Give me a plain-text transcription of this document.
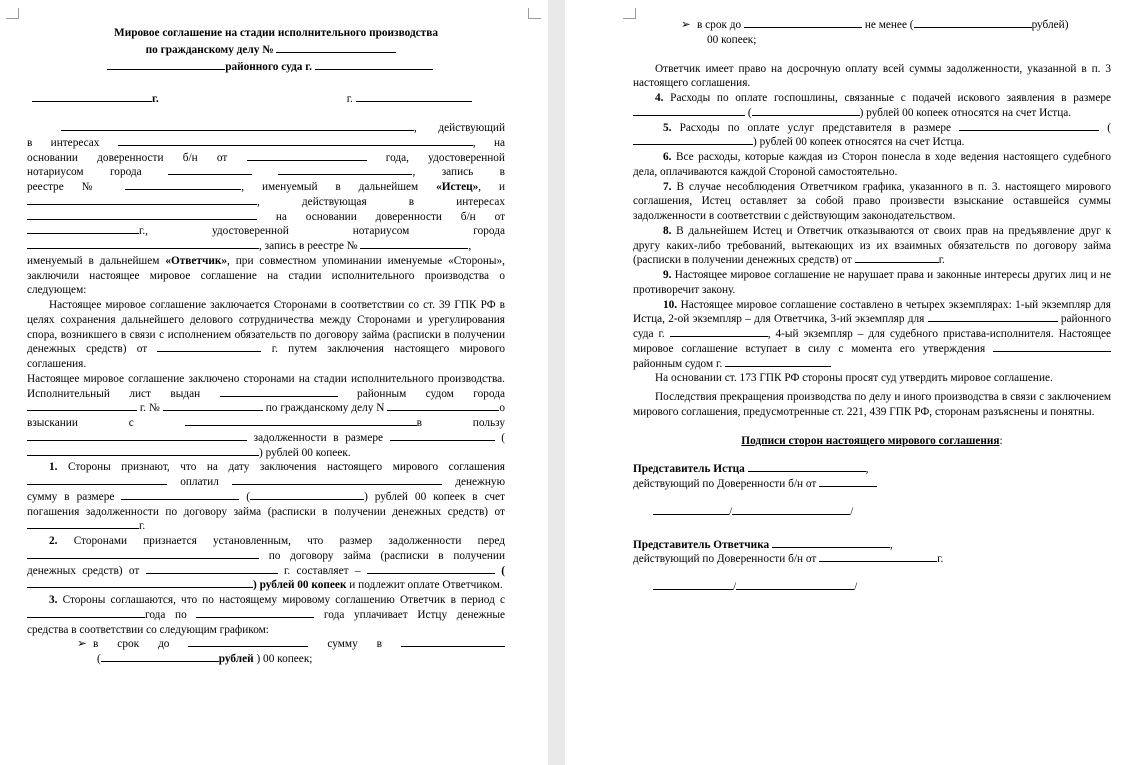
Мировое соглашение на стадии исполнительного производства

по гражданскому делу №

районного суда г.

г.	г.

, действующий

в интересах	, на

основании доверенности б/н от	года, удостоверенной

нотариусом города	, запись в

реестре №	, именуемый в дальнейшем «Истец», и

, действующая в интересах

на основании доверенности б/н от

г., удостоверенной нотариусом города

, запись в реестре №	,

именуемый в дальнейшем «Ответчик», при совместном упоминании именуемые «Стороны», заключили настоящее мировое соглашение на стадии исполнительного производства о следующем:

Настоящее мировое соглашение заключается Сторонами в соответствии со ст. 39 ГПК РФ в целях сохранения дальнейшего делового сотрудничества между Сторонами и урегулирования спора, возникшего в связи с исполнением обязательств по договору займа (расписки в получении денежных средств) от	г. путем заключения настоящего мирового соглашения.

Настоящее мировое соглашение заключено сторонами на стадии исполнительного производства. Исполнительный лист выдан	районным судом города  г. №	по гражданскому делу N	о взыскании с	в пользу  задолженности в размере	() рублей 00 копеек.

1. Стороны признают, что на дату заключения настоящего мирового соглашения  оплатил	денежную сумму в размере	(	) рублей 00 копеек в счет погашения задолженности по договору займа (расписки в получении денежных средств) от г.

2. Сторонами признается установленным, что размер задолженности перед  по договору займа (расписки в получении денежных средств) от	г. составляет –	() рублей 00 копеек и подлежит оплате Ответчиком.

3. Стороны соглашаются, что по настоящему мировому соглашению Ответчик в период с года по	года уплачивает Истцу денежные средства в соответствии со следующим графиком:

➢ в срок до	сумму в

(	рублей ) 00 копеек;

➢ в срок до	не менее (	рублей)

00 копеек;

Ответчик имеет право на досрочную оплату всей суммы задолженности, указанной в п. 3 настоящего соглашения.

4. Расходы по оплате госпошлины, связанные с подачей искового заявления в размере  (	) рублей 00 копеек относятся на счет Истца.

5. Расходы по оплате услуг представителя в размере	() рублей 00 копеек относятся на счет Истца.

6. Все расходы, которые каждая из Сторон понесла в ходе ведения настоящего судебного дела, оплачиваются каждой Стороной самостоятельно.

7. В случае несоблюдения Ответчиком графика, указанного в п. 3. настоящего мирового соглашения, Истец оставляет за собой право произвести взыскание оставшейся суммы задолженности в соответствии с действующим законодательством.

8. В дальнейшем Истец и Ответчик отказываются от своих прав на предъявление друг к другу каких-либо требований, вытекающих из их взаимных обязательств по договору займа (расписки в получении денежных средств) от	г.

9. Настоящее мировое соглашение не нарушает права и законные интересы других лиц и не противоречит закону.

10. Настоящее мировое соглашение составлено в четырех экземплярах: 1-ый экземпляр для Истца, 2-ой экземпляр – для Ответчика, 3-ий экземпляр для	районного суда г.	, 4-ый экземпляр – для судебного пристава-исполнителя. Настоящее мировое соглашение вступает в силу с момента его утверждения  районным судом г.

На основании ст. 173 ГПК РФ стороны просят суд утвердить мировое соглашение.

Последствия прекращения производства по делу и иного производства в связи с заключением мирового соглашения, предусмотренные ст. 221, 439 ГПК РФ, сторонам разъяснены и понятны.

Подписи сторон настоящего мирового соглашения:

Представитель Истца	,

действующий по Доверенности б/н от

/	/

Представитель Ответчика	,

действующий по Доверенности б/н от	г.

/	/
